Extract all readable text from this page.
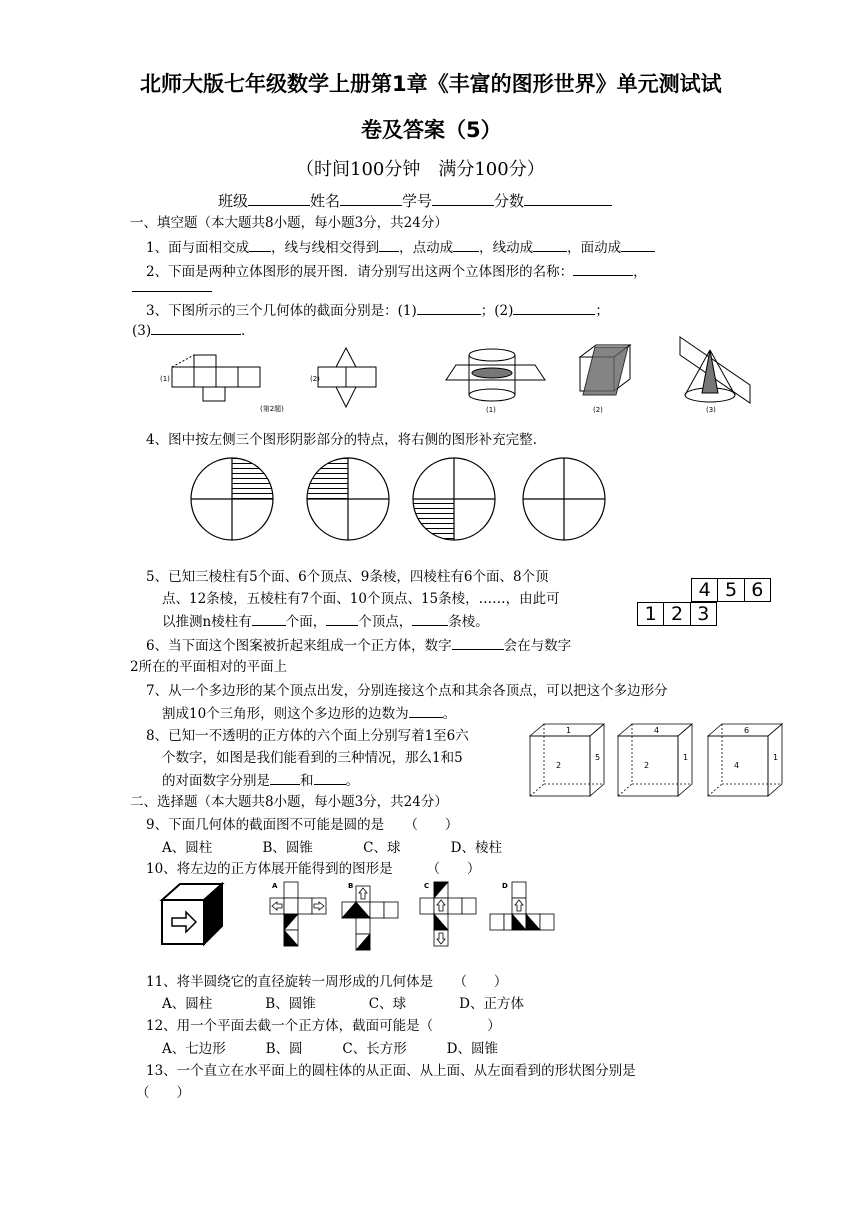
北师大版七年级数学上册第1章《丰富的图形世界》单元测试试
卷及答案（5）
（时间100分钟　满分100分）
班级	姓名	学号	分数
一、填空题（本大题共8小题，每小题3分，共24分）
1、面与面相交成 ，线与线相交得到 ，点动成 ，线动成	，面动成
2、下面是两种立体图形的展开图．请分别写出这两个立体图形的名称：	，
3、下图所示的三个几何体的截面分别是：(1)	；(2)	；
(3)	．
(1)	(2)
(第2题)	(1)	(2)	(3)
4、图中按左侧三个图形阴影部分的特点，将右侧的图形补充完整.
5、已知三棱柱有5个面、6个顶点、9条棱，四棱柱有6个面、8个顶
点、12条棱，五棱柱有7个面、10个顶点、15条棱，……，由此可
以推测n棱柱有	个面， 个顶点，	条棱。
4 5 6
1 2 3
6、当下面这个图案被折起来组成一个正方体，数字	会在与数字
2所在的平面相对的平面上
7、从一个多边形的某个顶点出发，分别连接这个点和其余各顶点，可以把这个多边形分
割成10个三角形，则这个多边形的边数为	。
8、已知一不透明的正方体的六个面上分别写着1至6六
个数字，如图是我们能看到的三种情况，那么1和5
的对面数字分别是 和 。
1
2
5
4
2
1
6
4
1
二、选择题（本大题共8小题，每小题3分，共24分）
9、下面几何体的截面图不可能是圆的是　　 （　　）
A、圆柱	B、圆锥	C、球	D、棱柱
10、将左边的正方体展开能得到的图形是　　　	（　　）
A	B	C	D
11、将半圆绕它的直径旋转一周形成的几何体是　　 （　　）
A、圆柱	B、圆锥	C、球	D、正方体
12、用一个平面去截一个正方体，截面可能是（　　　　	）
A、七边形	B、圆	C、长方形	D、圆锥
13、一个直立在水平面上的圆柱体的从正面、从上面、从左面看到的形状图分别是
（　　）
